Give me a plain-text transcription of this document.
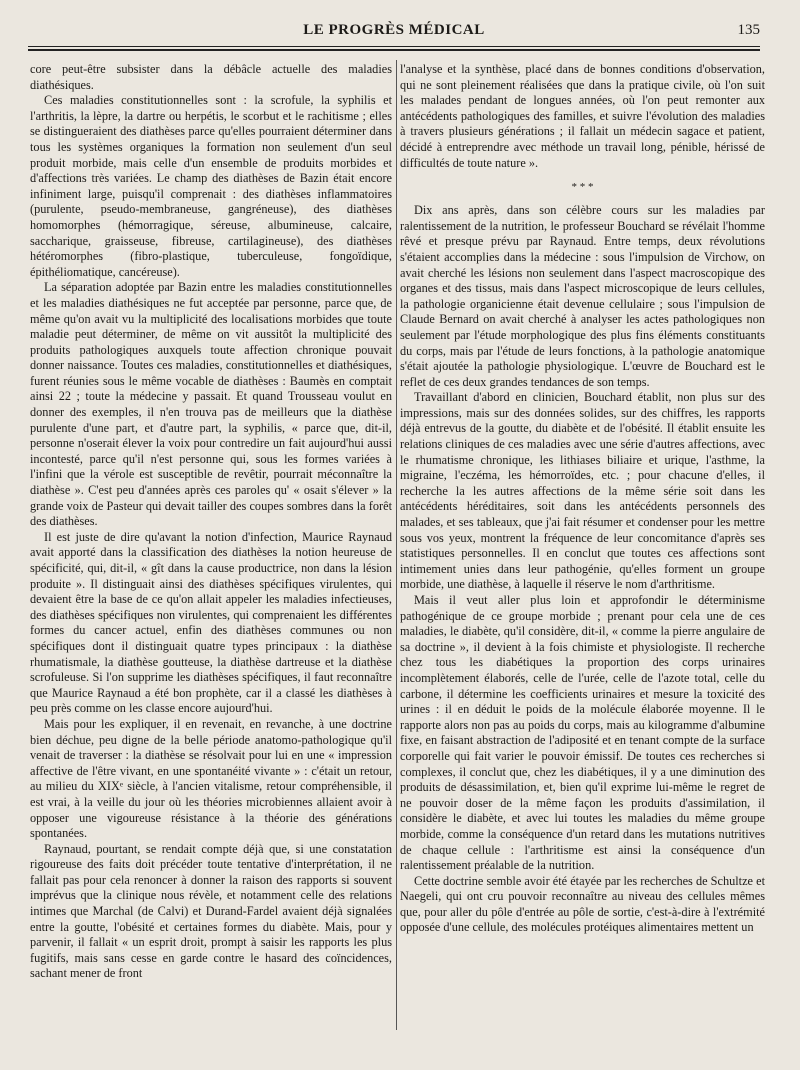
LE PROGRÈS MÉDICAL	135

core peut-être subsister dans la débâcle actuelle des maladies diathésiques.

Ces maladies constitutionnelles sont : la scrofule, la syphilis et l'arthritis, la lèpre, la dartre ou herpétis, le scorbut et le rachitisme ; elles se distingueraient des diathèses parce qu'elles pourraient déterminer dans tous les systèmes organiques la formation non seulement d'un seul produit morbide, mais celle d'un ensemble de produits morbides et d'affections très variées. Le champ des diathèses de Bazin était encore infiniment large, puisqu'il comprenait : des diathèses inflammatoires (purulente, pseudo-membraneuse, gangréneuse), des diathèses homomorphes (hémorragique, séreuse, albumineuse, calcaire, saccharique, graisseuse, fibreuse, cartilagineuse), des diathèses hétéromorphes (fibro-plastique, tuberculeuse, fongoïdique, épithéliomatique, cancéreuse).

La séparation adoptée par Bazin entre les maladies constitutionnelles et les maladies diathésiques ne fut acceptée par personne, parce que, de même qu'on avait vu la multiplicité des localisations morbides que toute maladie peut déterminer, de même on vit aussitôt la multiplicité des produits pathologiques auxquels toute affection chronique pouvait donner naissance. Toutes ces maladies, constitutionnelles et diathésiques, furent réunies sous le même vocable de diathèses : Baumès en comptait ainsi 22 ; toute la médecine y passait. Et quand Trousseau voulut en donner des exemples, il n'en trouva pas de meilleurs que la diathèse purulente d'une part, et d'autre part, la syphilis, « parce que, dit-il, personne n'oserait élever la voix pour contredire un fait aujourd'hui aussi incontesté, parce qu'il n'est personne qui, sous les formes variées à l'infini que la vérole est susceptible de revêtir, pourrait méconnaître la diathèse ». C'est peu d'années après ces paroles qu' « osait s'élever » la grande voix de Pasteur qui devait tailler des coupes sombres dans la forêt des diathèses.

Il est juste de dire qu'avant la notion d'infection, Maurice Raynaud avait apporté dans la classification des diathèses la notion heureuse de spécificité, qui, dit-il, « gît dans la cause productrice, non dans la lésion produite ». Il distinguait ainsi des diathèses spécifiques virulentes, qui devaient être la base de ce qu'on allait appeler les maladies infectieuses, des diathèses spécifiques non virulentes, qui comprenaient les différentes formes du cancer actuel, enfin des diathèses communes ou non spécifiques dont il distinguait quatre types principaux : la diathèse rhumatismale, la diathèse goutteuse, la diathèse dartreuse et la diathèse scrofuleuse. Si l'on supprime les diathèses spécifiques, il faut reconnaître que Maurice Raynaud a été bon prophète, car il a classé les diathèses à peu près comme on les classe encore aujourd'hui.

Mais pour les expliquer, il en revenait, en revanche, à une doctrine bien déchue, peu digne de la belle période anatomo-pathologique qu'il venait de traverser : la diathèse se résolvait pour lui en une « impression affective de l'être vivant, en une spontanéité vivante » : c'était un retour, au milieu du XIXᵉ siècle, à l'ancien vitalisme, retour compréhensible, il est vrai, à la veille du jour où les théories microbiennes allaient avoir à opposer une vigoureuse résistance à la théorie des générations spontanées.

Raynaud, pourtant, se rendait compte déjà que, si une constatation rigoureuse des faits doit précéder toute tentative d'interprétation, il ne fallait pas pour cela renoncer à donner la raison des rapports si souvent imprévus que la clinique nous révèle, et notamment celle des relations intimes que Marchal (de Calvi) et Durand-Fardel avaient déjà signalées entre la goutte, l'obésité et certaines formes du diabète. Mais, pour y parvenir, il fallait « un esprit droit, prompt à saisir les rapports les plus fugitifs, mais sans cesse en garde contre le hasard des coïncidences, sachant mener de front

l'analyse et la synthèse, placé dans de bonnes conditions d'observation, qui ne sont pleinement réalisées que dans la pratique civile, où l'on suit les malades pendant de longues années, où l'on peut remonter aux antécédents pathologiques des familles, et suivre l'évolution des maladies à travers plusieurs générations ; il fallait un médecin sagace et patient, décidé à entreprendre avec méthode un travail long, pénible, hérissé de difficultés de toute nature ».

* * *

Dix ans après, dans son célèbre cours sur les maladies par ralentissement de la nutrition, le professeur Bouchard se révélait l'homme rêvé et presque prévu par Raynaud. Entre temps, deux révolutions s'étaient accomplies dans la médecine : sous l'impulsion de Virchow, on avait cherché les lésions non seulement dans l'aspect macroscopique des organes et des tissus, mais dans l'aspect microscopique de leurs cellules, la pathologie organicienne était devenue cellulaire ; sous l'impulsion de Claude Bernard on avait cherché à analyser les actes pathologiques non seulement par l'étude morphologique des plus fins éléments constituants du corps, mais par l'étude de leurs fonctions, à la pathologie anatomique s'était ajoutée la pathologie physiologique. L'œuvre de Bouchard est le reflet de ces deux grandes tendances de son temps.

Travaillant d'abord en clinicien, Bouchard établit, non plus sur des impressions, mais sur des données solides, sur des chiffres, les rapports déjà entrevus de la goutte, du diabète et de l'obésité. Il établit ensuite les relations cliniques de ces maladies avec une série d'autres affections, avec le rhumatisme chronique, les lithiases biliaire et urique, l'asthme, la migraine, l'eczéma, les hémorroïdes, etc. ; pour chacune d'elles, il recherche la les autres affections de la même série soit dans les antécédents héréditaires, soit dans les antécédents personnels des malades, et ses tableaux, que j'ai fait résumer et condenser pour les mettre sous vos yeux, montrent la fréquence de leur concomitance d'après ses statistiques personnelles. Il en conclut que toutes ces affections sont intimement unies dans leur pathogénie, qu'elles forment un groupe morbide, une diathèse, à laquelle il réserve le nom d'arthritisme.

Mais il veut aller plus loin et approfondir le déterminisme pathogénique de ce groupe morbide ; prenant pour cela une de ces maladies, le diabète, qu'il considère, dit-il, « comme la pierre angulaire de sa doctrine », il devient à la fois chimiste et physiologiste. Il recherche chez tous les diabétiques la proportion des corps urinaires incomplètement élaborés, celle de l'urée, celle de l'azote total, celle du carbone, il détermine les coefficients urinaires et mesure la toxicité des urines : il en déduit le poids de la molécule élaborée moyenne. Il le rapporte alors non pas au poids du corps, mais au kilogramme d'albumine fixe, en faisant abstraction de l'adiposité et en tenant compte de la surface corporelle qui fait varier le pouvoir émissif. De toutes ces recherches si complexes, il conclut que, chez les diabétiques, il y a une diminution des produits de désassimilation, et, bien qu'il exprime lui-même le regret de ne pouvoir doser de la même façon les produits d'assimilation, il considère le diabète, et avec lui toutes les maladies du même groupe morbide, comme la conséquence d'un retard dans les mutations nutritives de chaque cellule : l'arthritisme est ainsi la conséquence d'un ralentissement préalable de la nutrition.

Cette doctrine semble avoir été étayée par les recherches de Schultze et Naegeli, qui ont cru pouvoir reconnaître au niveau des cellules mêmes que, pour aller du pôle d'entrée au pôle de sortie, c'est-à-dire à l'extrémité opposée d'une cellule, des molécules protéiques alimentaires mettent un
